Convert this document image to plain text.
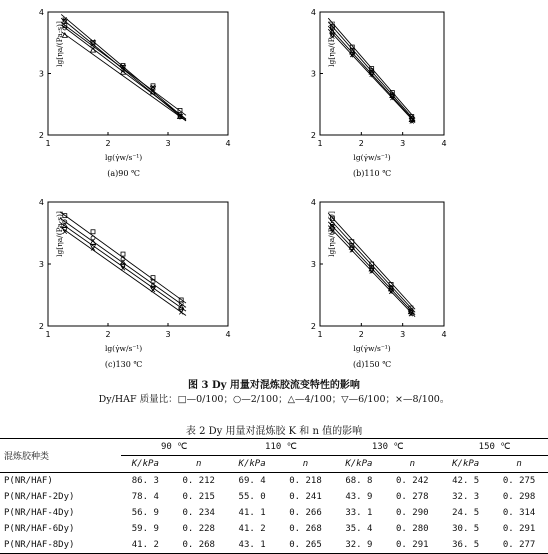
1	2	3	4
2
3
4
lg(γ̇w/s⁻¹)
lg[ηa/(Pa·s)]
(a)90 ℃
1	2	3	4
2
3
4
lg(γ̇w/s⁻¹)
lg[ηa/(Pa·s)]
(b)110 ℃
1	2	3	4
2
3
4
lg(γ̇w/s⁻¹)
lg[ηa/(Pa·s)]
(c)130 ℃
1	2	3	4
2
3
4
lg(γ̇w/s⁻¹)
lg[ηa/(Pa·s)]
(d)150 ℃
图 3 Dy 用量对混炼胶流变特性的影响
Dy/HAF 质量比：□—0/100；○—2/100；△—4/100；▽—6/100；×—8/100。
表 2 Dy 用量对混炼胶 K 和 n 值的影响
混炼胶种类	90 ℃		110 ℃		130 ℃		150 ℃	
	K/kPa	n	K/kPa	n	K/kPa	n	K/kPa	n
P(NR/HAF)	86. 3	0. 212	69. 4	0. 218	68. 8	0. 242	42. 5	0. 275
P(NR/HAF-2Dy)	78. 4	0. 215	55. 0	0. 241	43. 9	0. 278	32. 3	0. 298
P(NR/HAF-4Dy)	56. 9	0. 234	41. 1	0. 266	33. 1	0. 290	24. 5	0. 314
P(NR/HAF-6Dy)	59. 9	0. 228	41. 2	0. 268	35. 4	0. 280	30. 5	0. 291
P(NR/HAF-8Dy)	41. 2	0. 268	43. 1	0. 265	32. 9	0. 291	36. 5	0. 277
